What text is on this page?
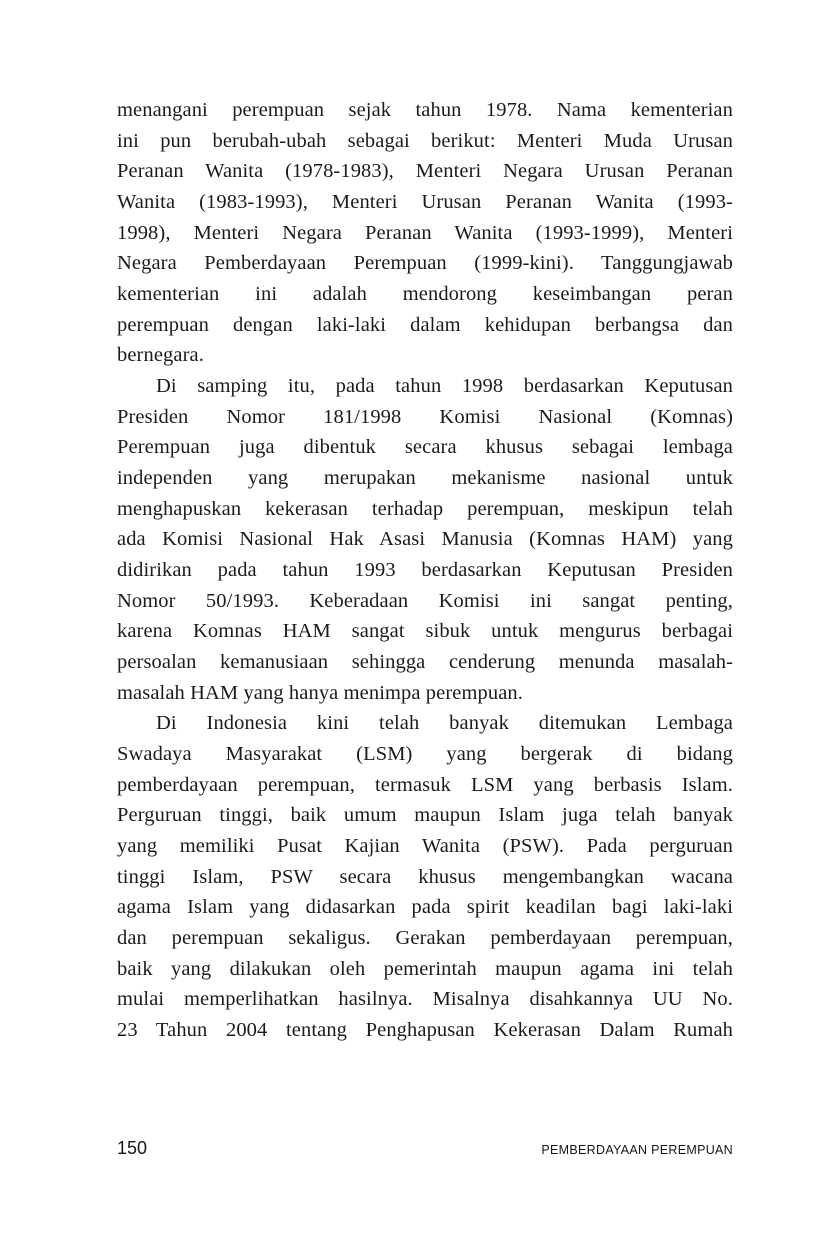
menangani perempuan sejak tahun 1978. Nama kementerian
ini pun berubah-ubah sebagai berikut: Menteri Muda Urusan
Peranan Wanita (1978-1983), Menteri Negara Urusan Peranan
Wanita (1983-1993), Menteri Urusan Peranan Wanita (1993-
1998), Menteri Negara Peranan Wanita (1993-1999), Menteri
Negara Pemberdayaan Perempuan (1999-kini). Tanggungjawab
kementerian ini adalah mendorong keseimbangan peran
perempuan dengan laki-laki dalam kehidupan berbangsa dan
bernegara.
Di samping itu, pada tahun 1998 berdasarkan Keputusan
Presiden Nomor 181/1998 Komisi Nasional (Komnas)
Perempuan juga dibentuk secara khusus sebagai lembaga
independen yang merupakan mekanisme nasional untuk
menghapuskan kekerasan terhadap perempuan, meskipun telah
ada Komisi Nasional Hak Asasi Manusia (Komnas HAM) yang
didirikan pada tahun 1993 berdasarkan Keputusan Presiden
Nomor 50/1993. Keberadaan Komisi ini sangat penting,
karena Komnas HAM sangat sibuk untuk mengurus berbagai
persoalan kemanusiaan sehingga cenderung menunda masalah-
masalah HAM yang hanya menimpa perempuan.
Di Indonesia kini telah banyak ditemukan Lembaga
Swadaya Masyarakat (LSM) yang bergerak di bidang
pemberdayaan perempuan, termasuk LSM yang berbasis Islam.
Perguruan tinggi, baik umum maupun Islam juga telah banyak
yang memiliki Pusat Kajian Wanita (PSW). Pada perguruan
tinggi Islam, PSW secara khusus mengembangkan wacana
agama Islam yang didasarkan pada spirit keadilan bagi laki-laki
dan perempuan sekaligus. Gerakan pemberdayaan perempuan,
baik yang dilakukan oleh pemerintah maupun agama ini telah
mulai memperlihatkan hasilnya. Misalnya disahkannya UU No.
23 Tahun 2004 tentang Penghapusan Kekerasan Dalam Rumah
150	PEMBERDAYAAN PEREMPUAN
